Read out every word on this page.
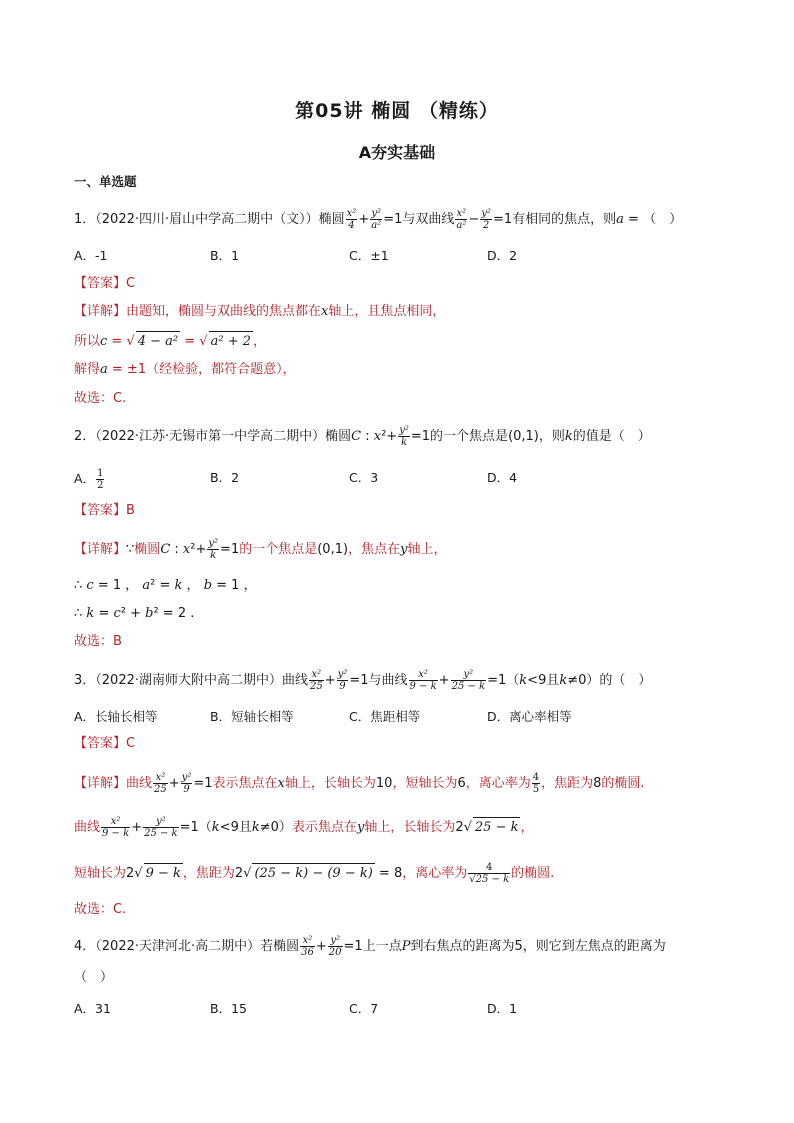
第05讲 椭圆 （精练）
A夯实基础
一、单选题
1．（2022·四川·眉山中学高二期中（文））椭圆 $\frac{\text{x²}}{4} + \frac{\text{y²}}{\text{a²}} =1$与双曲线 $\frac{\text{x²}}{\text{a²}} - \frac{\text{y²}}{2} =1$有相同的焦点，则a = （　）
A．-1	B．1	C．±1	D．2
【答案】C
【详解】由题知，椭圆与双曲线的焦点都在x轴上，且焦点相同，
所以c = √ 4 − a² = √ a² + 2 ，
解得a = ±1（经检验，都符合题意），
故选：C.
2．（2022·江苏·无锡市第一中学高二期中）椭圆C : $x^2+ \frac{\text{y²}}{k} =1$的一个焦点是(0,1)，则k的值是（　）
A． $\frac{1}{2}$	B．2	C．3	D．4
【答案】B
【详解】∵椭圆C : $x^2+ \frac{\text{y²}}{k} =1$的一个焦点是(0,1)，焦点在y轴上，
∴ c = 1 ， a² = k ， b = 1 ，
∴ k = c² + b² = 2 .
故选：B
3．（2022·湖南师大附中高二期中）曲线 $\frac{\text{x²}}{25} + \frac{\text{y²}}{9} =1$与曲线 $\frac{\text{x²}}{9 - k} + \frac{\text{y²}}{25 - k} =1(k<9$且k≠0）的（　）
A．长轴长相等	B．短轴长相等	C．焦距相等	D．离心率相等
【答案】C
【详解】曲线 $\frac{\text{x²}}{25} + \frac{\text{y²}}{9} =1$表示焦点在x轴上，长轴长为10，短轴长为6，离心率为 $\frac{4}{5}$ ，焦距为8的椭圆.
曲线 $\frac{\text{x²}}{9 - k} + \frac{\text{y²}}{25 - k} =1(k<9$且k≠0）表示焦点在y轴上，长轴长为2√ 25 − k ，
短轴长为2√ 9 − k ，焦距为2√ (25 − k) − (9 − k) = 8，离心率为 $\frac{4}{√25 - k}$ 的椭圆.
故选：C.
4．（2022·天津河北·高二期中）若椭圆 $\frac{\text{x²}}{36} + \frac{\text{y²}}{20} =1$上一点P到右焦点的距离为5，则它到左焦点的距离为
（　）
A．31	B．15	C．7	D．1
